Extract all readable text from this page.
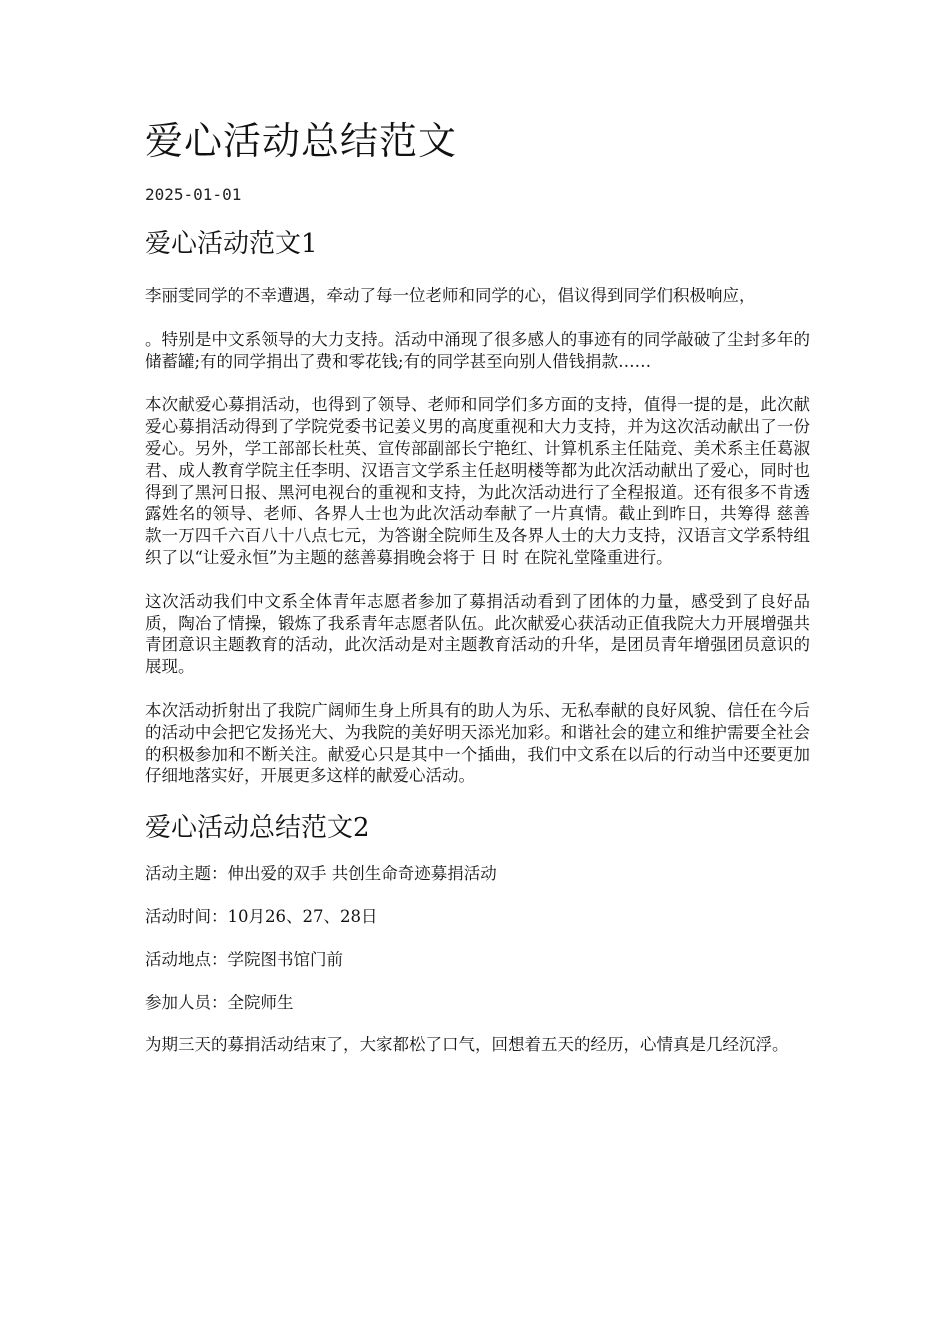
爱心活动总结范文
2025-01-01
爱心活动范文1

李丽雯同学的不幸遭遇，牵动了每一位老师和同学的心，倡议得到同学们积极响应，

。特别是中文系领导的大力支持。活动中涌现了很多感人的事迹有的同学敲破了尘封多年的储蓄罐;有的同学捐出了费和零花钱;有的同学甚至向别人借钱捐款……

本次献爱心募捐活动，也得到了领导、老师和同学们多方面的支持，值得一提的是，此次献爱心募捐活动得到了学院党委书记姜义男的高度重视和大力支持，并为这次活动献出了一份爱心。另外，学工部部长杜英、宣传部副部长宁艳红、计算机系主任陆竞、美术系主任葛淑君、成人教育学院主任李明、汉语言文学系主任赵明楼等都为此次活动献出了爱心，同时也得到了黑河日报、黑河电视台的重视和支持，为此次活动进行了全程报道。还有很多不肯透露姓名的领导、老师、各界人士也为此次活动奉献了一片真情。截止到昨日，共筹得 慈善款一万四千六百八十八点七元，为答谢全院师生及各界人士的大力支持，汉语言文学系特组织了以“让爱永恒”为主题的慈善募捐晚会将于 日 时 在院礼堂隆重进行。

这次活动我们中文系全体青年志愿者参加了募捐活动看到了团体的力量，感受到了良好品质，陶冶了情操，锻炼了我系青年志愿者队伍。此次献爱心获活动正值我院大力开展增强共青团意识主题教育的活动，此次活动是对主题教育活动的升华，是团员青年增强团员意识的展现。

本次活动折射出了我院广阔师生身上所具有的助人为乐、无私奉献的良好风貌、信任在今后的活动中会把它发扬光大、为我院的美好明天添光加彩。和谐社会的建立和维护需要全社会的积极参加和不断关注。献爱心只是其中一个插曲，我们中文系在以后的行动当中还要更加仔细地落实好，开展更多这样的献爱心活动。

爱心活动总结范文2

活动主题：伸出爱的双手 共创生命奇迹募捐活动

活动时间：10月26、27、28日

活动地点：学院图书馆门前

参加人员：全院师生

为期三天的募捐活动结束了，大家都松了口气，回想着五天的经历，心情真是几经沉浮。
